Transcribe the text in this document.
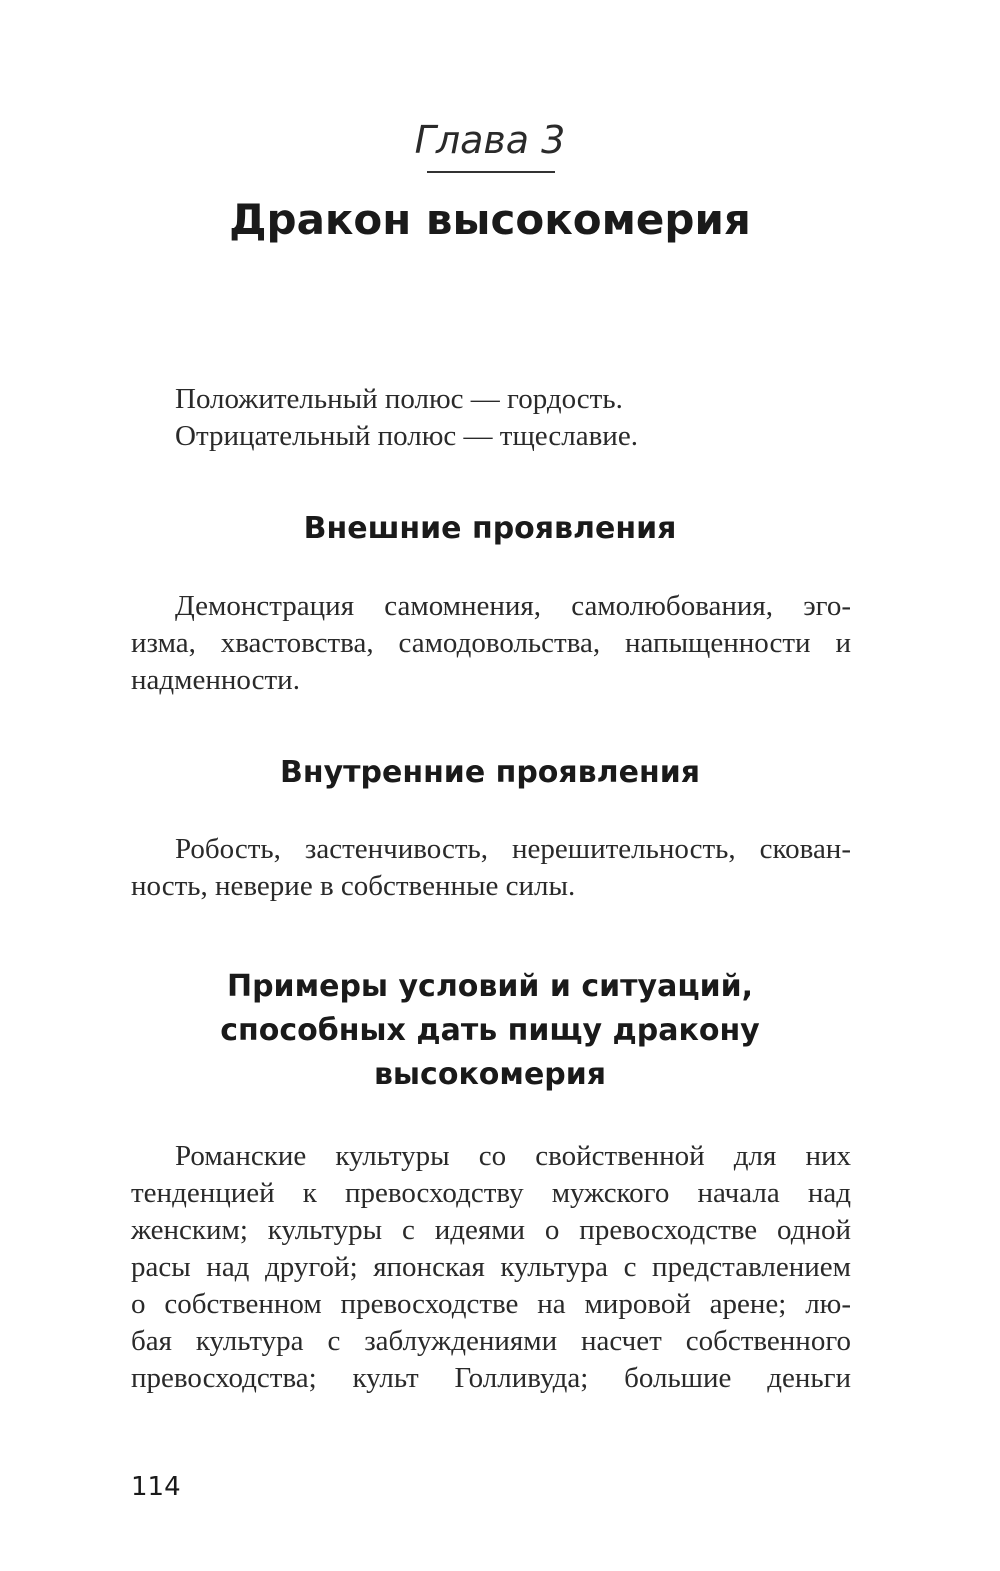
Глава 3
Дракон высокомерия
Положительный полюс — гордость.
Отрицательный полюс — тщеславие.
Внешние проявления
Демонстрация самомнения, самолюбования, эго-
изма, хвастовства, самодовольства, напыщенности и
надменности.
Внутренние проявления
Робость, застенчивость, нерешительность, скован-
ность, неверие в собственные силы.
Примеры условий и ситуаций,
способных дать пищу дракону
высокомерия
Романские культуры со свойственной для них
тенденцией к превосходству мужского начала над
женским; культуры с идеями о превосходстве одной
расы над другой; японская культура с представлением
о собственном превосходстве на мировой арене; лю-
бая культура с заблуждениями насчет собственного
превосходства; культ Голливуда; большие деньги
114
